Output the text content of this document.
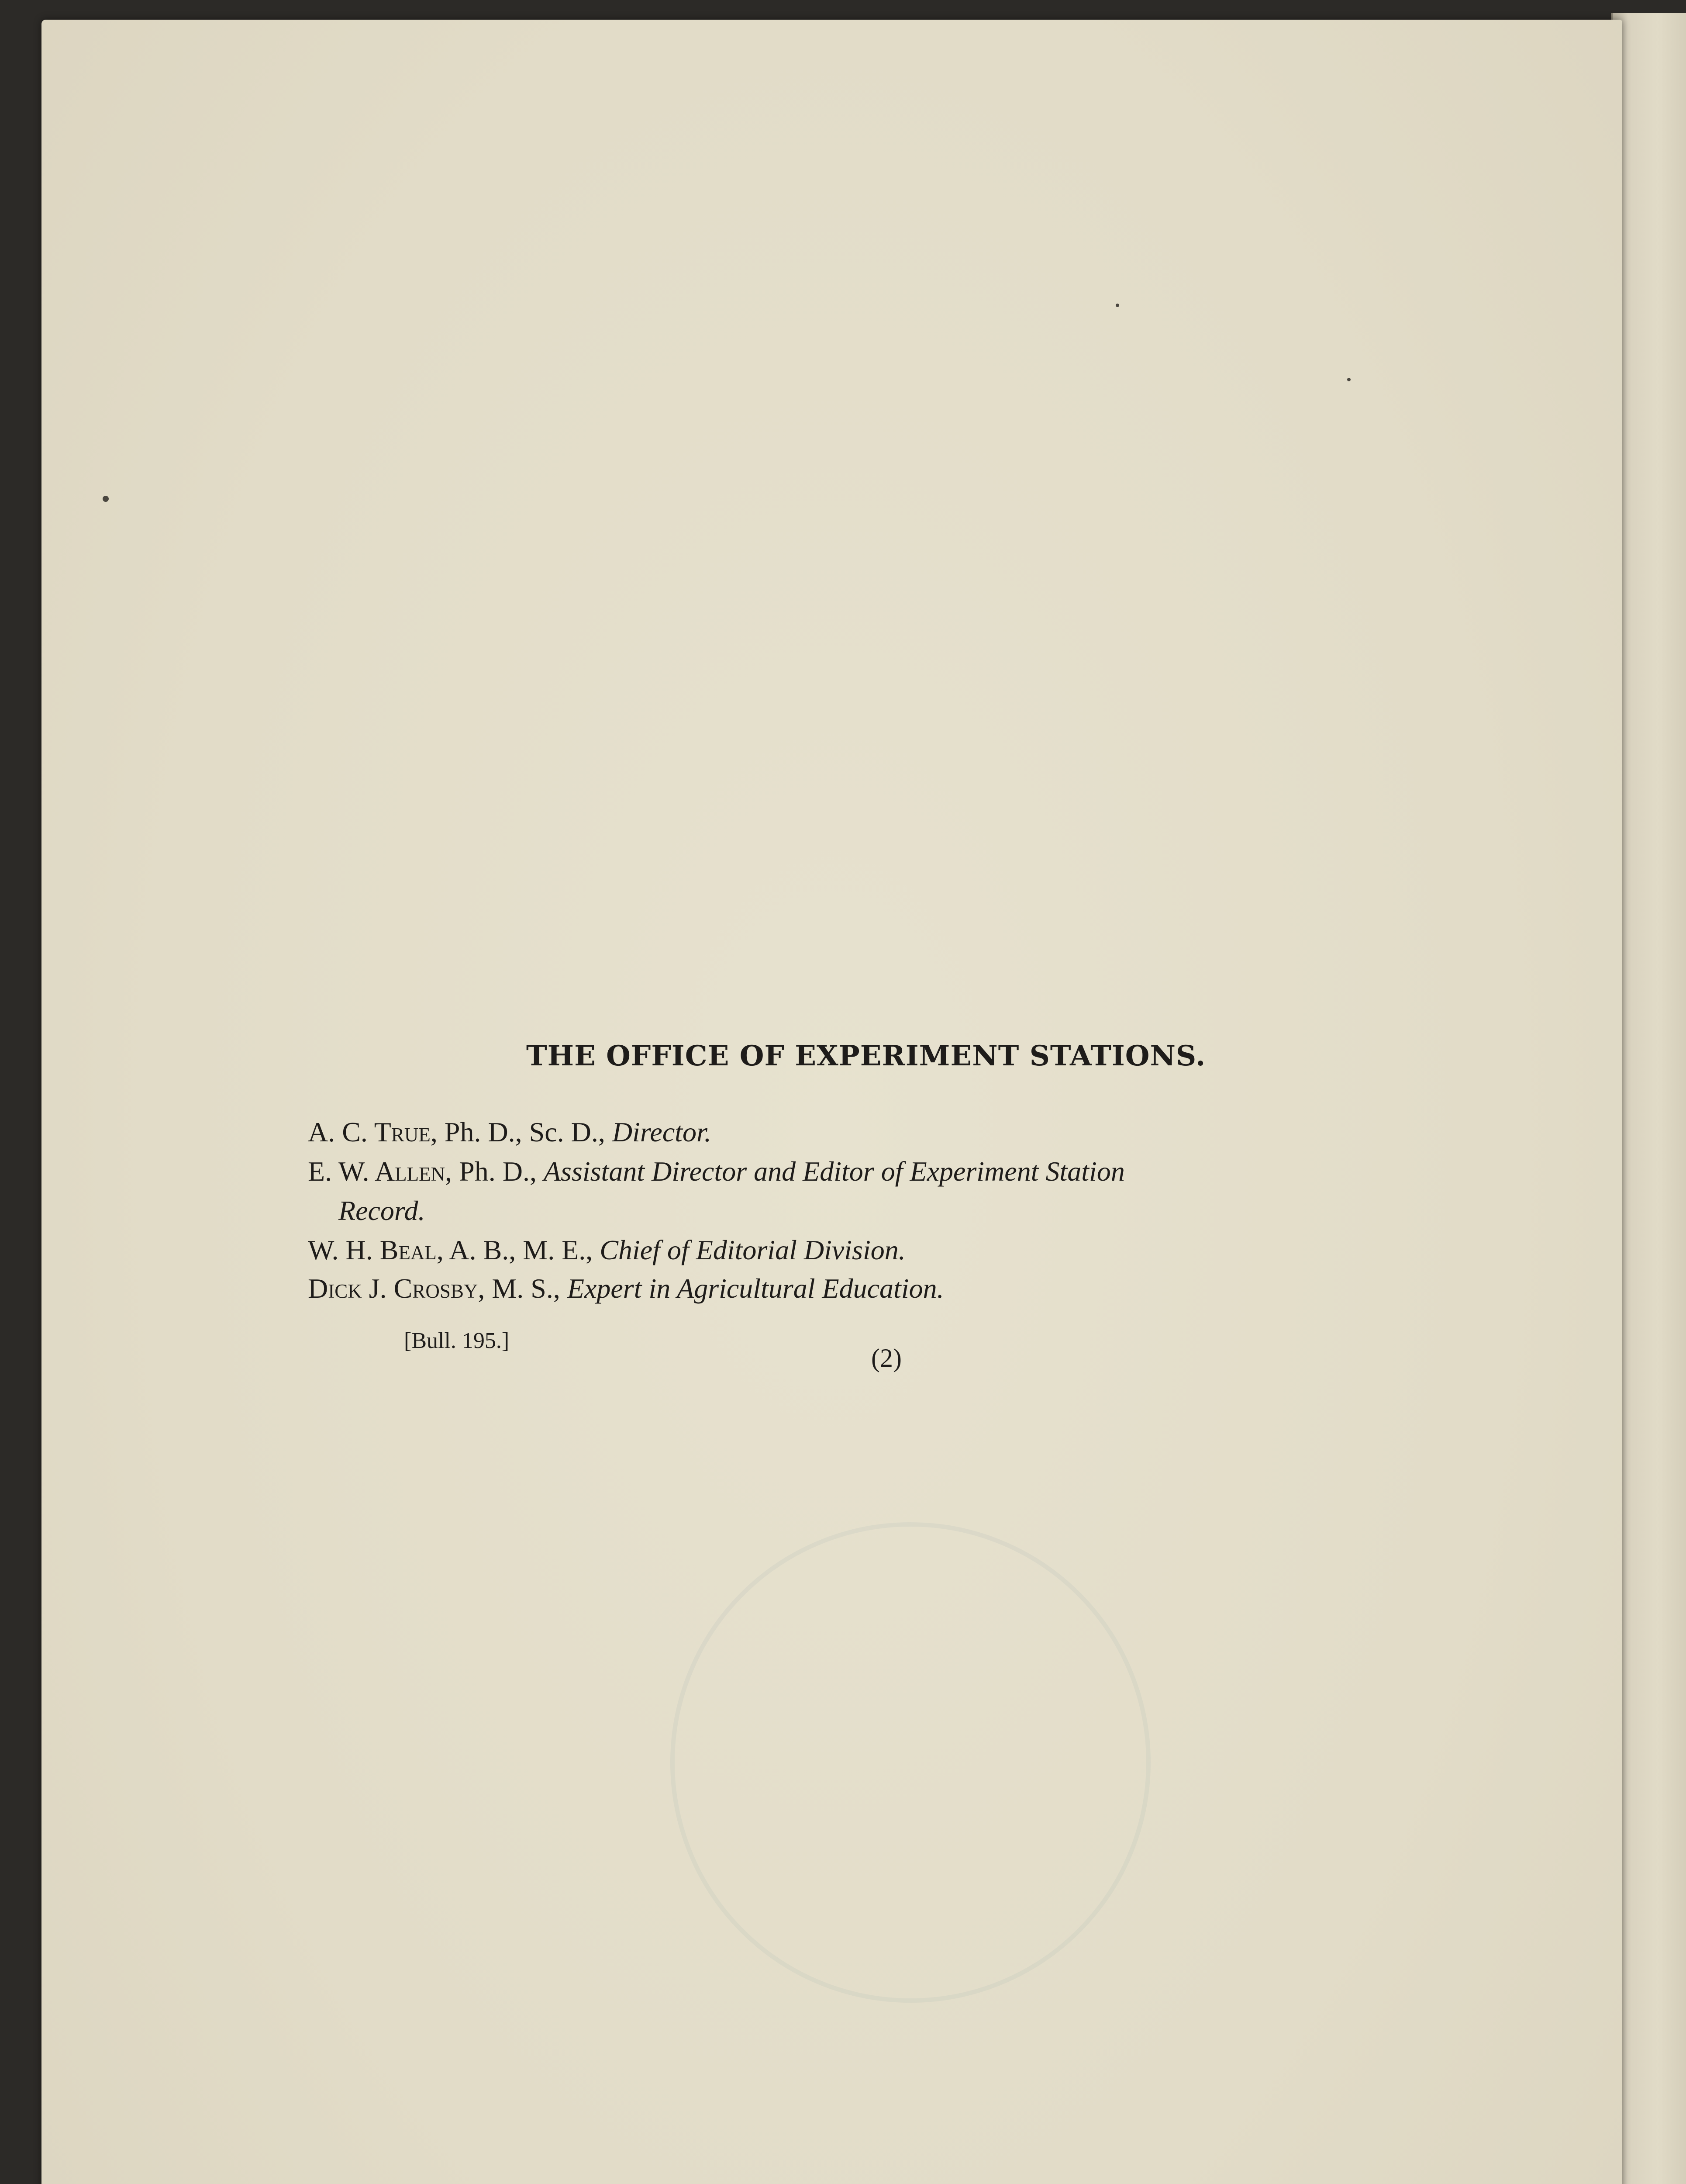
THE OFFICE OF EXPERIMENT STATIONS.
A. C. True, Ph. D., Sc. D., Director.
E. W. Allen, Ph. D., Assistant Director and Editor of Experiment Station
Record.
W. H. Beal, A. B., M. E., Chief of Editorial Division.
Dick J. Crosby, M. S., Expert in Agricultural Education.
[Bull. 195.]
(2)
